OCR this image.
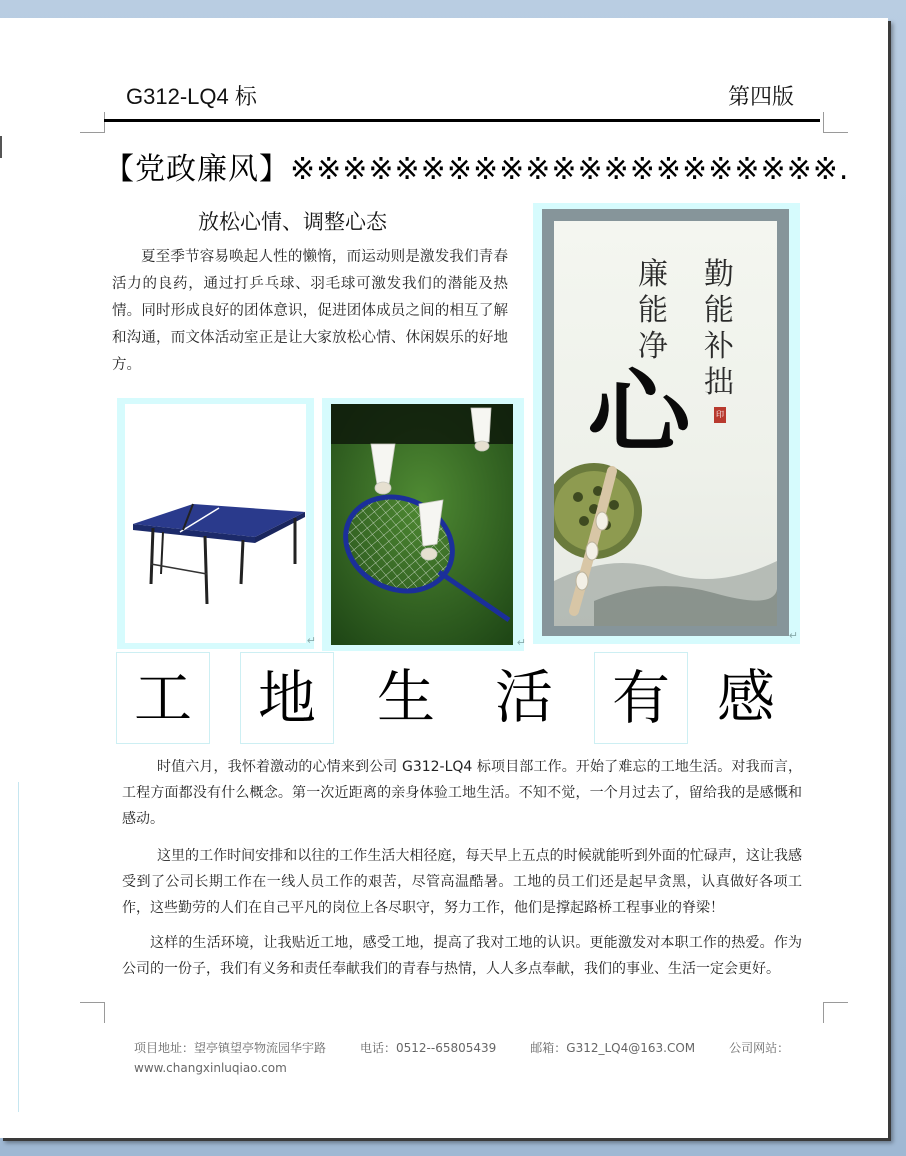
G312-LQ4 标	第四版
【党政廉风】※※※※※※※※※※※※※※※※※※※※※.
放松心情、调整心态
夏至季节容易唤起人性的懒惰，而运动则是激发我们青春活力的良药，通过打乒乓球、羽毛球可激发我们的潜能及热情。同时形成良好的团体意识，促进团体成员之间的相互了解和沟通，而文体活动室正是让大家放松心情、休闲娱乐的好地方。
↵	↵
勤能补拙
廉能净
心	印
↵
工	地	生 活	有 感
时值六月，我怀着激动的心情来到公司 G312-LQ4 标项目部工作。开始了难忘的工地生活。对我而言，工程方面都没有什么概念。第一次近距离的亲身体验工地生活。不知不觉，一个月过去了，留给我的是感慨和感动。
这里的工作时间安排和以往的工作生活大相径庭，每天早上五点的时候就能听到外面的忙碌声，这让我感受到了公司长期工作在一线人员工作的艰苦，尽管高温酷暑。工地的员工们还是起早贪黑，认真做好各项工作，这些勤劳的人们在自己平凡的岗位上各尽职守，努力工作，他们是撑起路桥工程事业的脊梁！
这样的生活环境，让我贴近工地，感受工地，提高了我对工地的认识。更能激发对本职工作的热爱。作为公司的一份子，我们有义务和责任奉献我们的青春与热情，人人多点奉献，我们的事业、生活一定会更好。
项目地址：望亭镇望亭物流园华宇路	电话：0512--65805439	邮箱：G312_LQ4@163.COM	公司网站：
www.changxinluqiao.com
